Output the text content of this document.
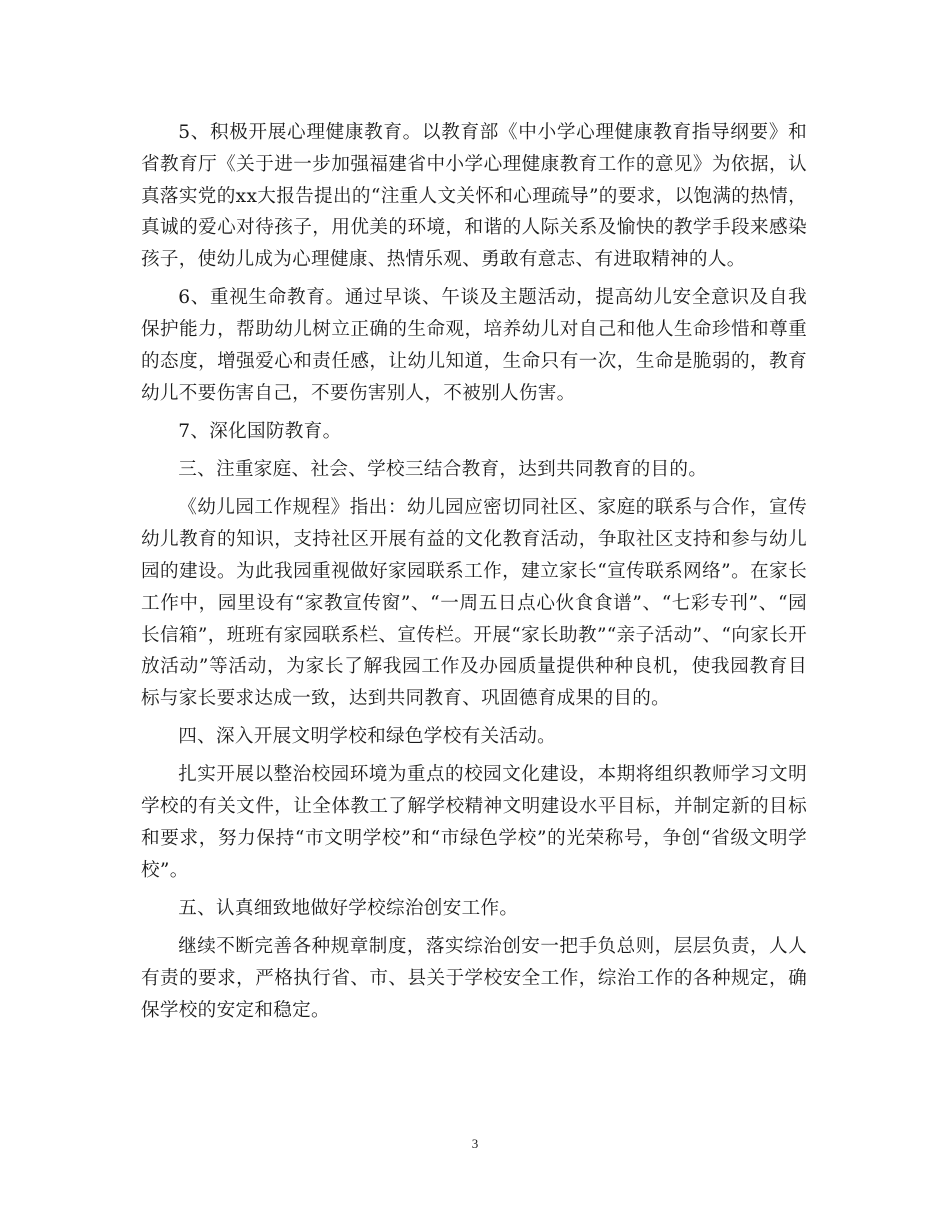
5、积极开展心理健康教育。以教育部《中小学心理健康教育指导纲要》和省教育厅《关于进一步加强福建省中小学心理健康教育工作的意见》为依据，认真落实党的xx大报告提出的“注重人文关怀和心理疏导”的要求，以饱满的热情，真诚的爱心对待孩子，用优美的环境，和谐的人际关系及愉快的教学手段来感染孩子，使幼儿成为心理健康、热情乐观、勇敢有意志、有进取精神的人。

6、重视生命教育。通过早谈、午谈及主题活动，提高幼儿安全意识及自我保护能力，帮助幼儿树立正确的生命观，培养幼儿对自己和他人生命珍惜和尊重的态度，增强爱心和责任感，让幼儿知道，生命只有一次，生命是脆弱的，教育幼儿不要伤害自己，不要伤害别人，不被别人伤害。

7、深化国防教育。

三、注重家庭、社会、学校三结合教育，达到共同教育的目的。

《幼儿园工作规程》指出：幼儿园应密切同社区、家庭的联系与合作，宣传幼儿教育的知识，支持社区开展有益的文化教育活动，争取社区支持和参与幼儿园的建设。为此我园重视做好家园联系工作，建立家长“宣传联系网络”。在家长工作中，园里设有“家教宣传窗”、“一周五日点心伙食食谱”、“七彩专刊”、“园长信箱”，班班有家园联系栏、宣传栏。开展“家长助教”“亲子活动”、“向家长开放活动”等活动，为家长了解我园工作及办园质量提供种种良机，使我园教育目标与家长要求达成一致，达到共同教育、巩固德育成果的目的。

四、深入开展文明学校和绿色学校有关活动。

扎实开展以整治校园环境为重点的校园文化建设，本期将组织教师学习文明学校的有关文件，让全体教工了解学校精神文明建设水平目标，并制定新的目标和要求，努力保持“市文明学校”和“市绿色学校”的光荣称号，争创“省级文明学校”。

五、认真细致地做好学校综治创安工作。

继续不断完善各种规章制度，落实综治创安一把手负总则，层层负责，人人有责的要求，严格执行省、市、县关于学校安全工作，综治工作的各种规定，确保学校的安定和稳定。

3
